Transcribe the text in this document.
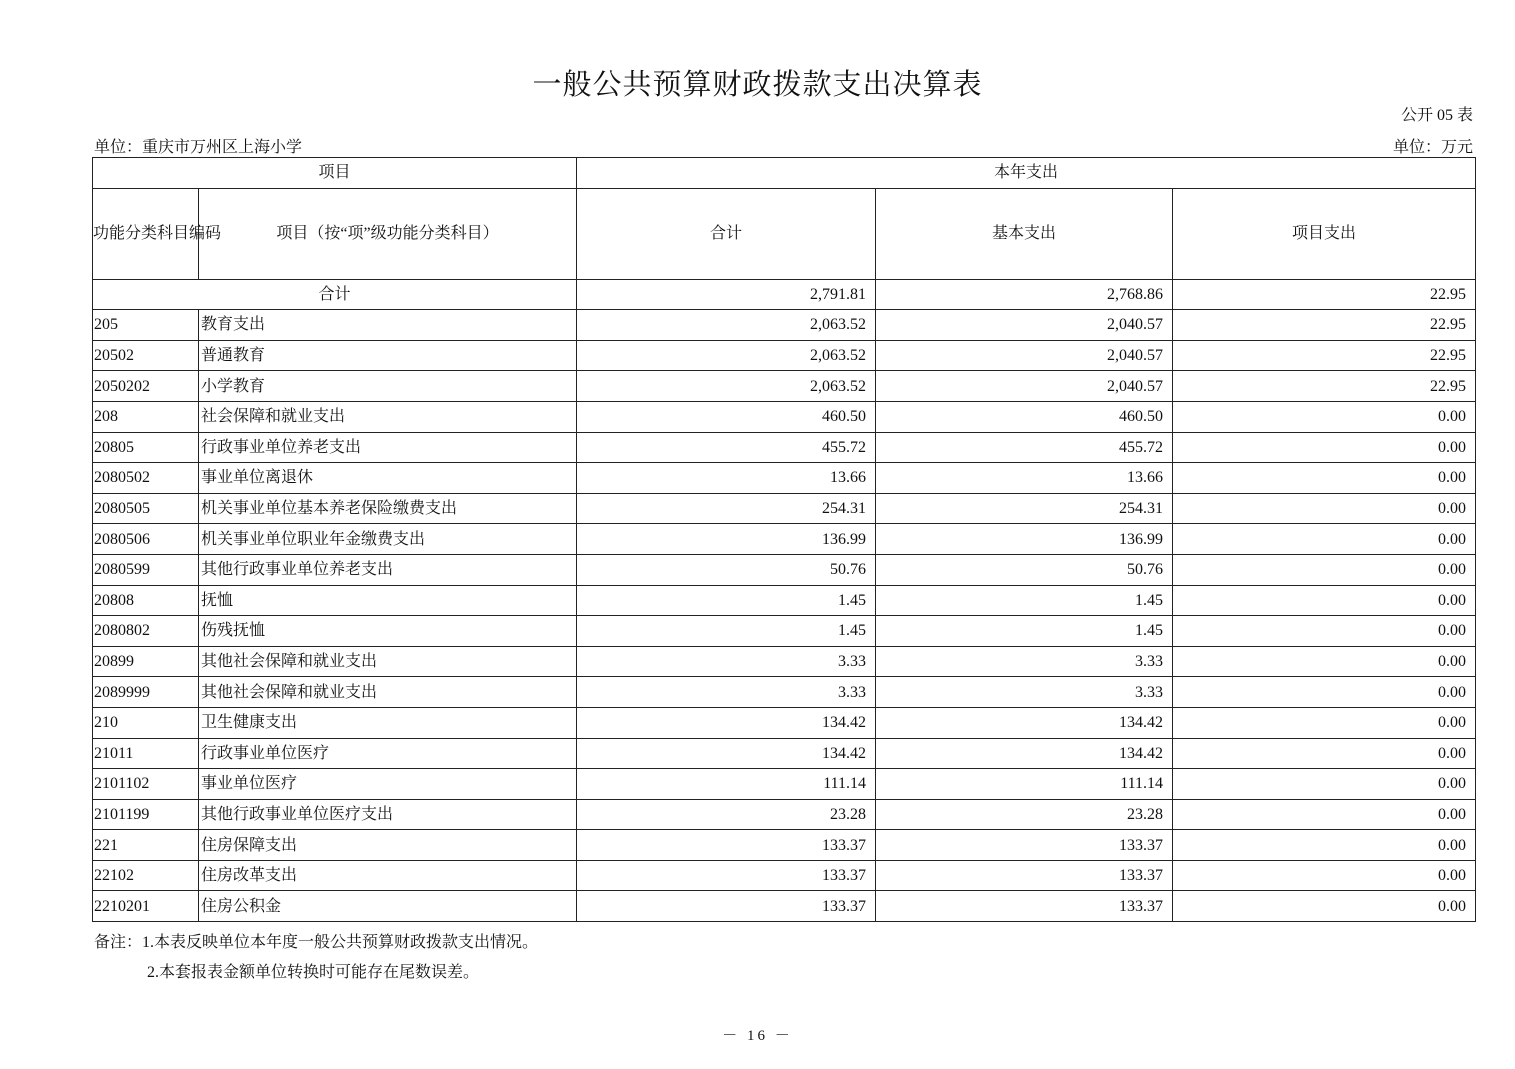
一般公共预算财政拨款支出决算表
公开 05 表
单位：重庆市万州区上海小学	单位：万元
项目		本年支出		
功能分类科目编码	项目（按“项”级功能分类科目）	合计	基本支出	项目支出
合计		2,791.81	2,768.86	22.95
205	教育支出	2,063.52	2,040.57	22.95
20502	普通教育	2,063.52	2,040.57	22.95
2050202	小学教育	2,063.52	2,040.57	22.95
208	社会保障和就业支出	460.50	460.50	0.00
20805	行政事业单位养老支出	455.72	455.72	0.00
2080502	事业单位离退休	13.66	13.66	0.00
2080505	机关事业单位基本养老保险缴费支出	254.31	254.31	0.00
2080506	机关事业单位职业年金缴费支出	136.99	136.99	0.00
2080599	其他行政事业单位养老支出	50.76	50.76	0.00
20808	抚恤	1.45	1.45	0.00
2080802	伤残抚恤	1.45	1.45	0.00
20899	其他社会保障和就业支出	3.33	3.33	0.00
2089999	其他社会保障和就业支出	3.33	3.33	0.00
210	卫生健康支出	134.42	134.42	0.00
21011	行政事业单位医疗	134.42	134.42	0.00
2101102	事业单位医疗	111.14	111.14	0.00
2101199	其他行政事业单位医疗支出	23.28	23.28	0.00
221	住房保障支出	133.37	133.37	0.00
22102	住房改革支出	133.37	133.37	0.00
2210201	住房公积金	133.37	133.37	0.00
备注：1.本表反映单位本年度一般公共预算财政拨款支出情况。
2.本套报表金额单位转换时可能存在尾数误差。
－ 16 －
